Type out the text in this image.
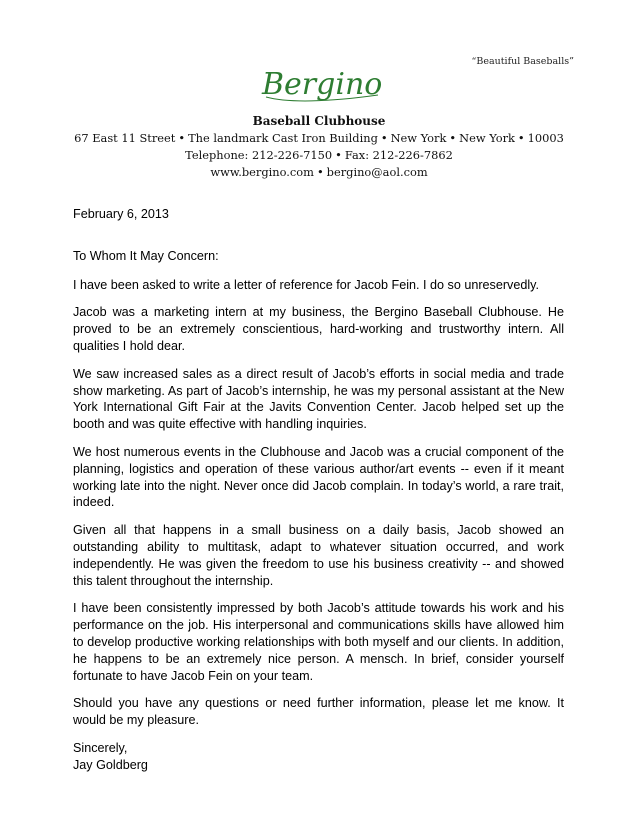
“Beautiful Baseballs”
Bergino
Baseball Clubhouse
67 East 11 Street • The landmark Cast Iron Building • New York • New York • 10003
Telephone: 212-226-7150 • Fax: 212-226-7862
www.bergino.com • bergino@aol.com

February 6, 2013

To Whom It May Concern:

I have been asked to write a letter of reference for Jacob Fein. I do so unreservedly.

Jacob was a marketing intern at my business, the Bergino Baseball Clubhouse. He proved to be an extremely conscientious, hard-working and trustworthy intern. All qualities I hold dear.

We saw increased sales as a direct result of Jacob’s efforts in social media and trade show marketing. As part of Jacob’s internship, he was my personal assistant at the New York International Gift Fair at the Javits Convention Center. Jacob helped set up the booth and was quite effective with handling inquiries.

We host numerous events in the Clubhouse and Jacob was a crucial component of the planning, logistics and operation of these various author/art events -- even if it meant working late into the night. Never once did Jacob complain. In today’s world, a rare trait, indeed.

Given all that happens in a small business on a daily basis, Jacob showed an outstanding ability to multitask, adapt to whatever situation occurred, and work independently. He was given the freedom to use his business creativity -- and showed this talent throughout the internship.

I have been consistently impressed by both Jacob’s attitude towards his work and his performance on the job. His interpersonal and communications skills have allowed him to develop productive working relationships with both myself and our clients. In addition, he happens to be an extremely nice person. A mensch. In brief, consider yourself fortunate to have Jacob Fein on your team.

Should you have any questions or need further information, please let me know. It would be my pleasure.

Sincerely,

Jay Goldberg
